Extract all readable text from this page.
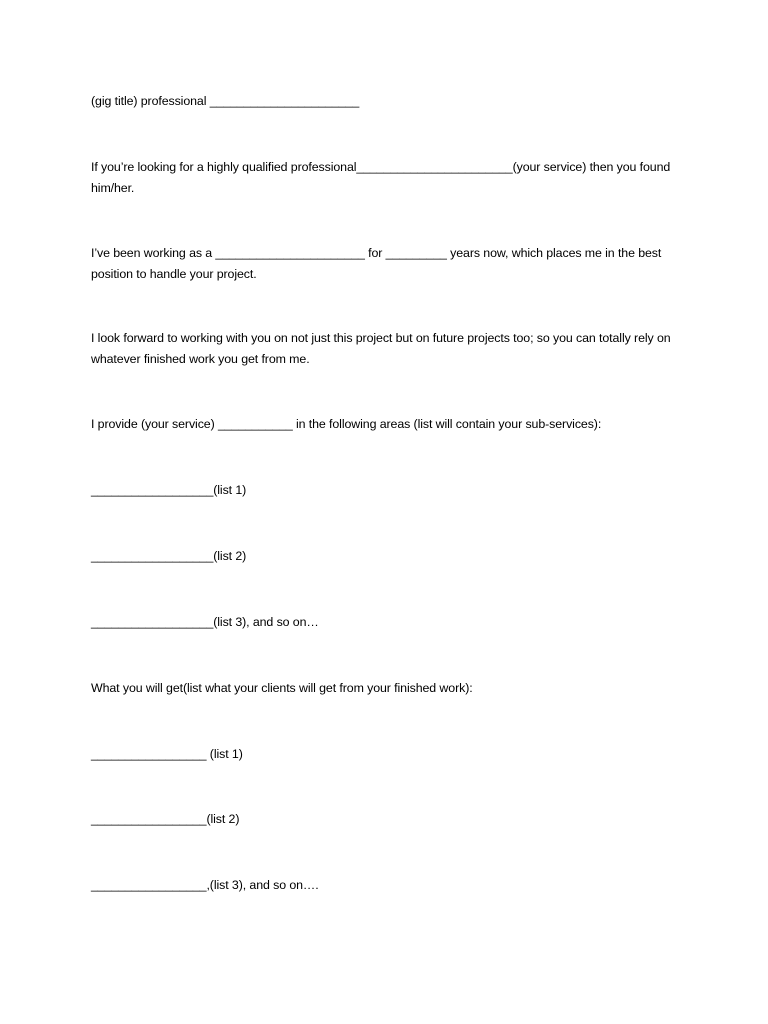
(gig title) professional ______________________

If you’re looking for a highly qualified professional_______________________(your service) then you found him/her.

I’ve been working as a ______________________ for _________ years now, which places me in the best position to handle your project.

I look forward to working with you on not just this project but on future projects too; so you can totally rely on whatever finished work you get from me.

I provide (your service) ___________ in the following areas (list will contain your sub-services):

__________________(list 1)

__________________(list 2)

__________________(list 3), and so on…

What you will get(list what your clients will get from your finished work):

_________________ (list 1)

_________________(list 2)

_________________,(list 3), and so on….
